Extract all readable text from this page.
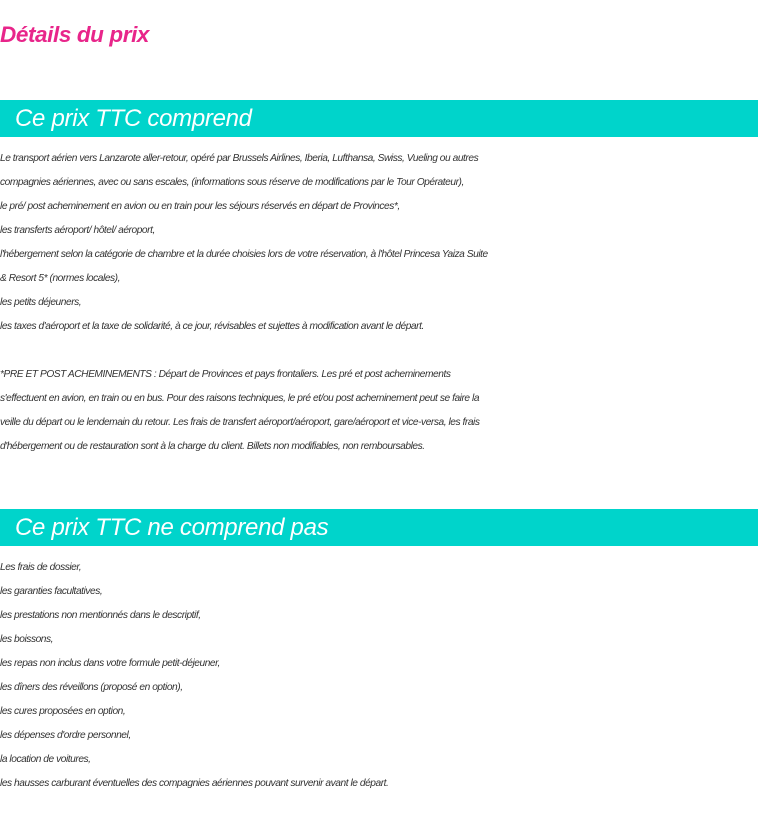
Détails du prix
Ce prix TTC comprend
Le transport aérien vers Lanzarote aller-retour, opéré par Brussels Airlines, Iberia, Lufthansa, Swiss, Vueling ou autres
compagnies aériennes, avec ou sans escales, (informations sous réserve de modifications par le Tour Opérateur),
le pré/ post acheminement en avion ou en train pour les séjours réservés en départ de Provinces*,
les transferts aéroport/ hôtel/ aéroport,
l'hébergement selon la catégorie de chambre et la durée choisies lors de votre réservation, à l'hôtel Princesa Yaiza Suite
& Resort 5* (normes locales),
les petits déjeuners,
les taxes d'aéroport et la taxe de solidarité, à ce jour, révisables et sujettes à modification avant le départ.
*PRE ET POST ACHEMINEMENTS : Départ de Provinces et pays frontaliers. Les pré et post acheminements
s'effectuent en avion, en train ou en bus. Pour des raisons techniques, le pré et/ou post acheminement peut se faire la
veille du départ ou le lendemain du retour. Les frais de transfert aéroport/aéroport, gare/aéroport et vice-versa, les frais
d'hébergement ou de restauration sont à la charge du client. Billets non modifiables, non remboursables.
Ce prix TTC ne comprend pas
Les frais de dossier,
les garanties facultatives,
les prestations non mentionnés dans le descriptif,
les boissons,
les repas non inclus dans votre formule petit-déjeuner,
les dîners des réveillons (proposé en option),
les cures proposées en option,
les dépenses d'ordre personnel,
la location de voitures,
les hausses carburant éventuelles des compagnies aériennes pouvant survenir avant le départ.
